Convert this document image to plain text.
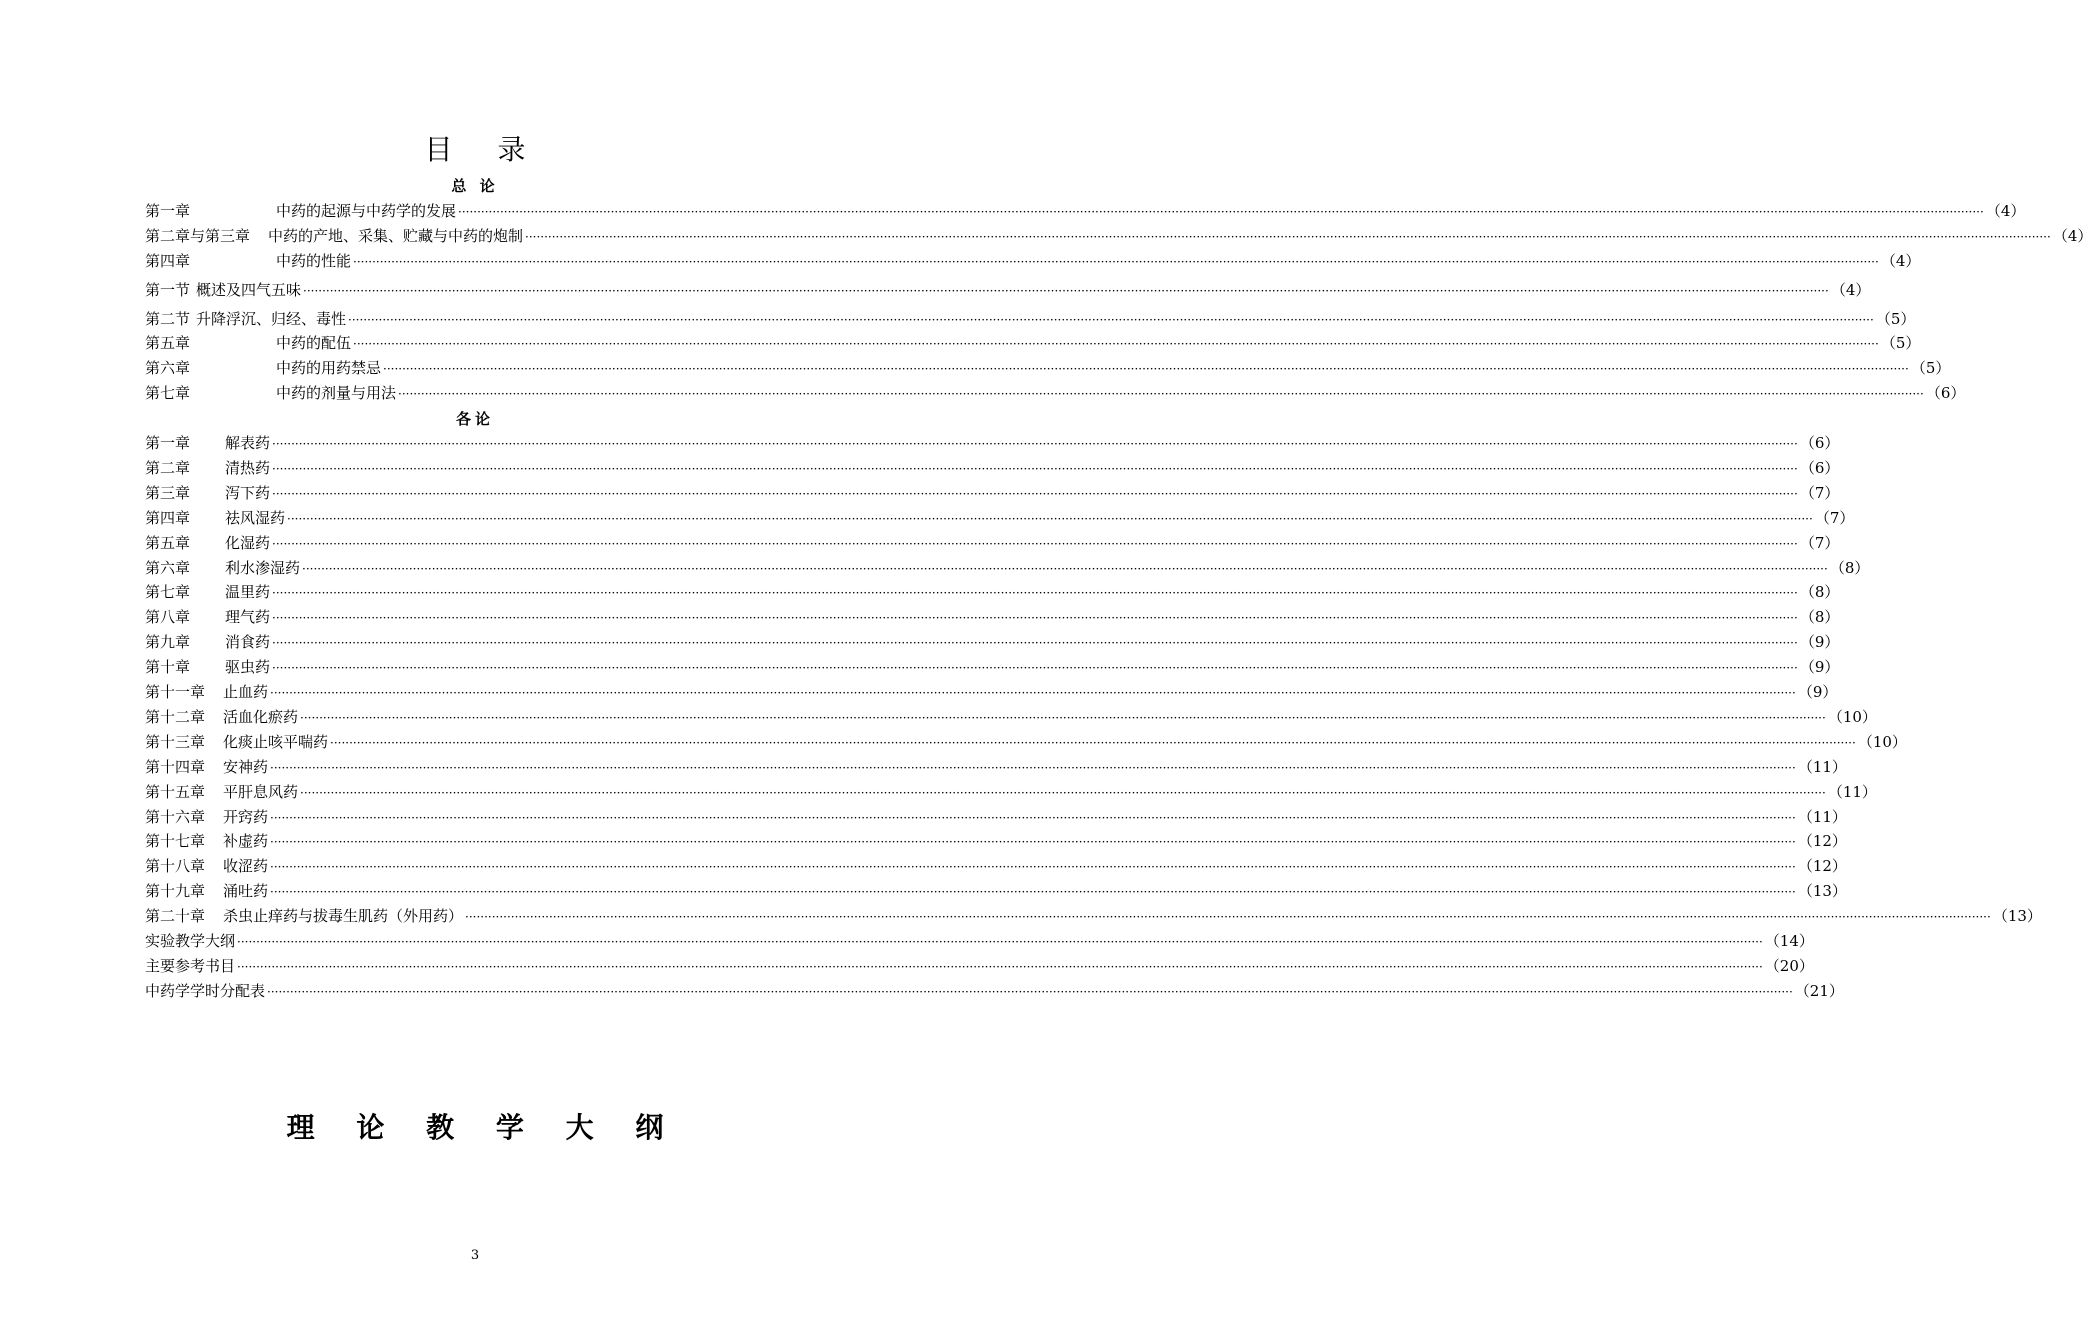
目 录
总 论
第一章	中药的起源与中药学的发展 ················································································································································································································································································································································································································ （4）
第二章与第三章 中药的产地、采集、贮藏与中药的炮制 ················································································································································································································································································································································································································ （4）
第四章	中药的性能 ················································································································································································································································································································································································································ （4）
第一节 概述及四气五味 ················································································································································································································································································································································································································ （4）
第二节 升降浮沉、归经、毒性 ················································································································································································································································································································································································································ （5）
第五章	中药的配伍 ················································································································································································································································································································································································································ （5）
第六章	中药的用药禁忌 ················································································································································································································································································································································································································ （5）
第七章	中药的剂量与用法 ················································································································································································································································································································································································································ （6）
各论
第一章 解表药 ················································································································································································································································································································································································································ （6）
第二章 清热药 ················································································································································································································································································································································································································ （6）
第三章 泻下药 ················································································································································································································································································································································································································ （7）
第四章 祛风湿药 ················································································································································································································································································································································································································ （7）
第五章 化湿药 ················································································································································································································································································································································································································ （7）
第六章 利水渗湿药 ················································································································································································································································································································································································································ （8）
第七章 温里药 ················································································································································································································································································································································································································ （8）
第八章 理气药 ················································································································································································································································································································································································································ （8）
第九章 消食药 ················································································································································································································································································································································································································ （9）
第十章 驱虫药 ················································································································································································································································································································································································································ （9）
第十一章 止血药 ················································································································································································································································································································································································································ （9）
第十二章 活血化瘀药 ················································································································································································································································································································································································································ （10）
第十三章 化痰止咳平喘药 ················································································································································································································································································································································································································ （10）
第十四章 安神药 ················································································································································································································································································································································································································ （11）
第十五章 平肝息风药 ················································································································································································································································································································································································································ （11）
第十六章 开窍药 ················································································································································································································································································································································································································ （11）
第十七章 补虚药 ················································································································································································································································································································································································································ （12）
第十八章 收涩药 ················································································································································································································································································································································································································ （12）
第十九章 涌吐药 ················································································································································································································································································································································································································ （13）
第二十章 杀虫止痒药与拔毒生肌药（外用药） ················································································································································································································································································································································································································ （13）
实验教学大纲 ················································································································································································································································································································································································································ （14）
主要参考书目 ················································································································································································································································································································································································································ （20）
中药学学时分配表 ················································································································································································································································································································································································································ （21）
理 论 教 学 大 纲
3
